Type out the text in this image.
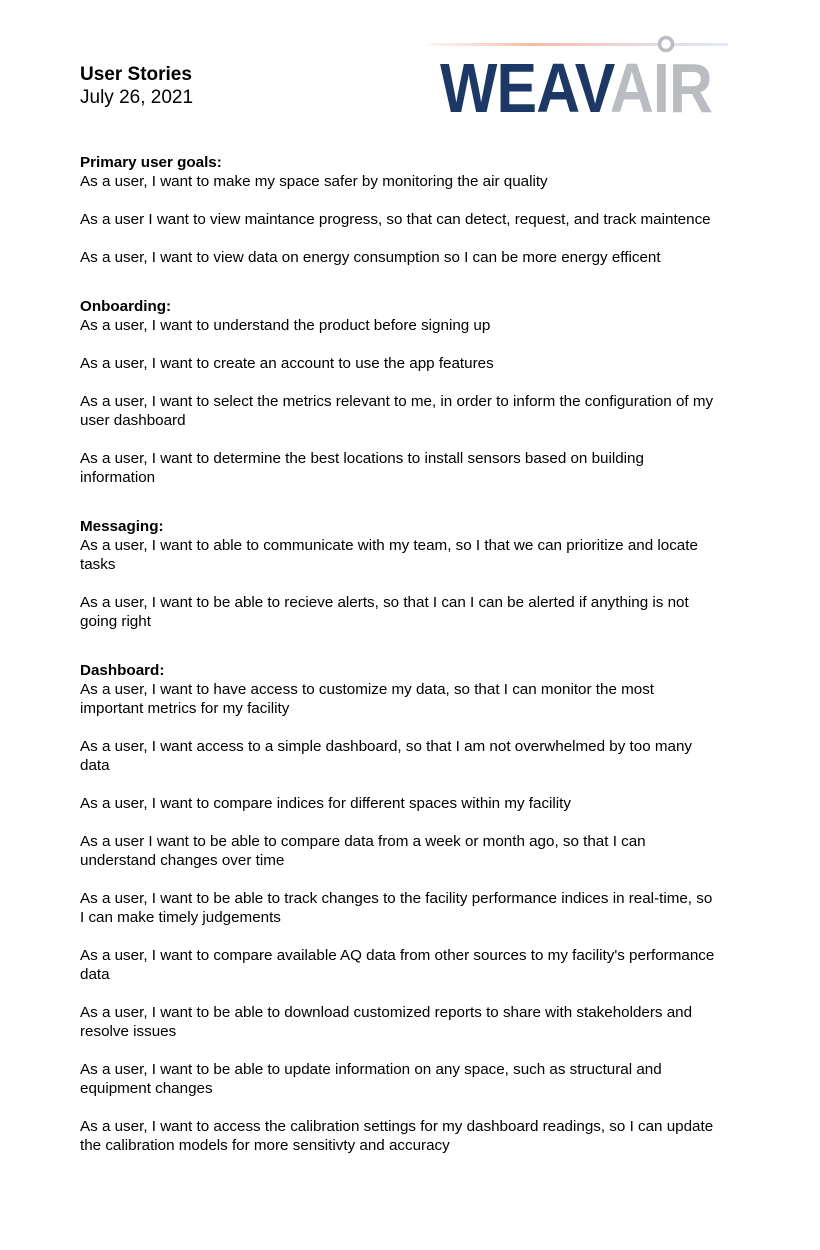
User Stories
July 26, 2021	WEAVAIR
Primary user goals:
As a user, I want to make my space safer by monitoring the air quality
As a user I want to view maintance progress, so that can detect, request, and track maintence
As a user, I want to view data on energy consumption so I can be more energy efficent
Onboarding:
As a user, I want to understand the product before signing up
As a user, I want to create an account to use the app features
As a user, I want to select the metrics relevant to me, in order to inform the configuration of my user dashboard
As a user, I want to determine the best locations to install sensors based on building information
Messaging:
As a user, I want to able to communicate with my team, so I that we can prioritize and locate tasks
As a user, I want to be able to recieve alerts, so that I can I can be alerted if anything is not going right
Dashboard:
As a user, I want to have access to customize my data, so that I can monitor the most important metrics for my facility
As a user, I want access to a simple dashboard, so that I am not overwhelmed by too many data
As a user, I want to compare indices for different spaces within my facility
As a user I want to be able to compare data from a week or month ago, so that I can understand changes over time
As a user, I want to be able to track changes to the facility performance indices in real-time, so I can make timely judgements
As a user, I want to compare available AQ data from other sources to my facility's performance data
As a user, I want to be able to download customized reports to share with stakeholders and resolve issues
As a user, I want to be able to update information on any space, such as structural and equipment changes
As a user, I want to access the calibration settings for my dashboard readings, so I can update the calibration models for more sensitivty and accuracy
